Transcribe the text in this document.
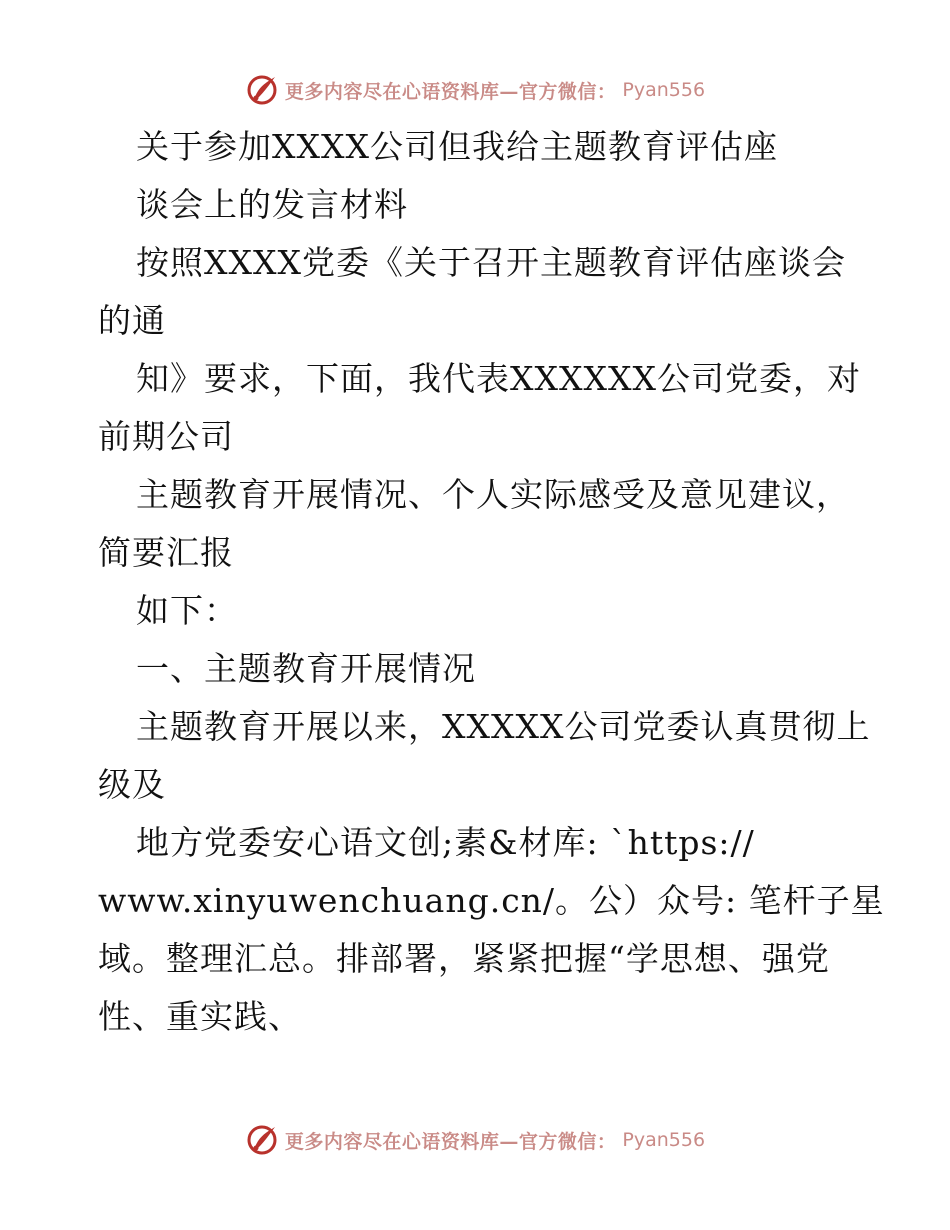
更多内容尽在心语资料库—官方微信： Pyan556
关于参加XXXX公司但我给主题教育评估座
谈会上的发言材料
按照XXXX党委《关于召开主题教育评估座谈会
的通
知》要求，下面，我代表XXXXXX公司党委，对
前期公司
主题教育开展情况、个人实际感受及意见建议，
简要汇报
如下：
一、主题教育开展情况
主题教育开展以来，XXXXX公司党委认真贯彻上
级及
地方党委安心语文创;素&材库: `https://
www.xinyuwenchuang.cn/。公）众号: 笔杆子星
域。整理汇总。排部署，紧紧把握“学思想、强党
性、重实践、
更多内容尽在心语资料库—官方微信： Pyan556
